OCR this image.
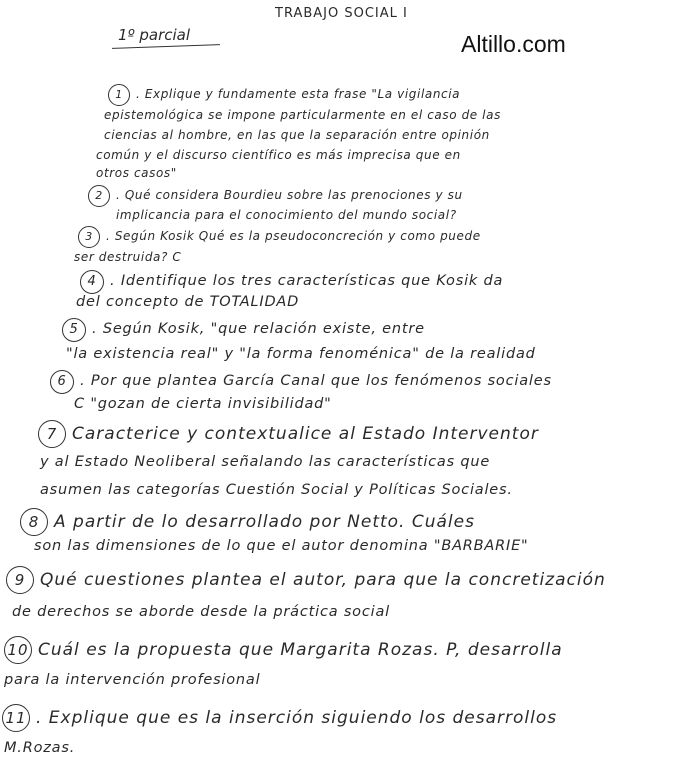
TRABAJO SOCIAL I
1º parcial	Altillo.com
1 . Explique y fundamente esta frase "La vigilancia
epistemológica se impone particularmente en el caso de las
ciencias al hombre, en las que la separación entre opinión
común y el discurso científico es más imprecisa que en
otros casos"
2 . Qué considera Bourdieu sobre las prenociones y su
implicancia para el conocimiento del mundo social?
3 . Según Kosik Qué es la pseudoconcreción y como puede
ser destruida? C
4 . Identifique los tres características que Kosik da
del concepto de TOTALIDAD
5 . Según Kosik, "que relación existe, entre
"la existencia real" y "la forma fenoménica" de la realidad
6 . Por que plantea García Canal que los fenómenos sociales
C "gozan de cierta invisibilidad"
7 Caracterice y contextualice al Estado Interventor
y al Estado Neoliberal señalando las características que
asumen las categorías Cuestión Social y Políticas Sociales.
8 A partir de lo desarrollado por Netto. Cuáles
son las dimensiones de lo que el autor denomina "BARBARIE"
9 Qué cuestiones plantea el autor, para que la concretización
de derechos se aborde desde la práctica social
10 Cuál es la propuesta que Margarita Rozas. P, desarrolla
para la intervención profesional
11 . Explique que es la inserción siguiendo los desarrollos
M.Rozas.
